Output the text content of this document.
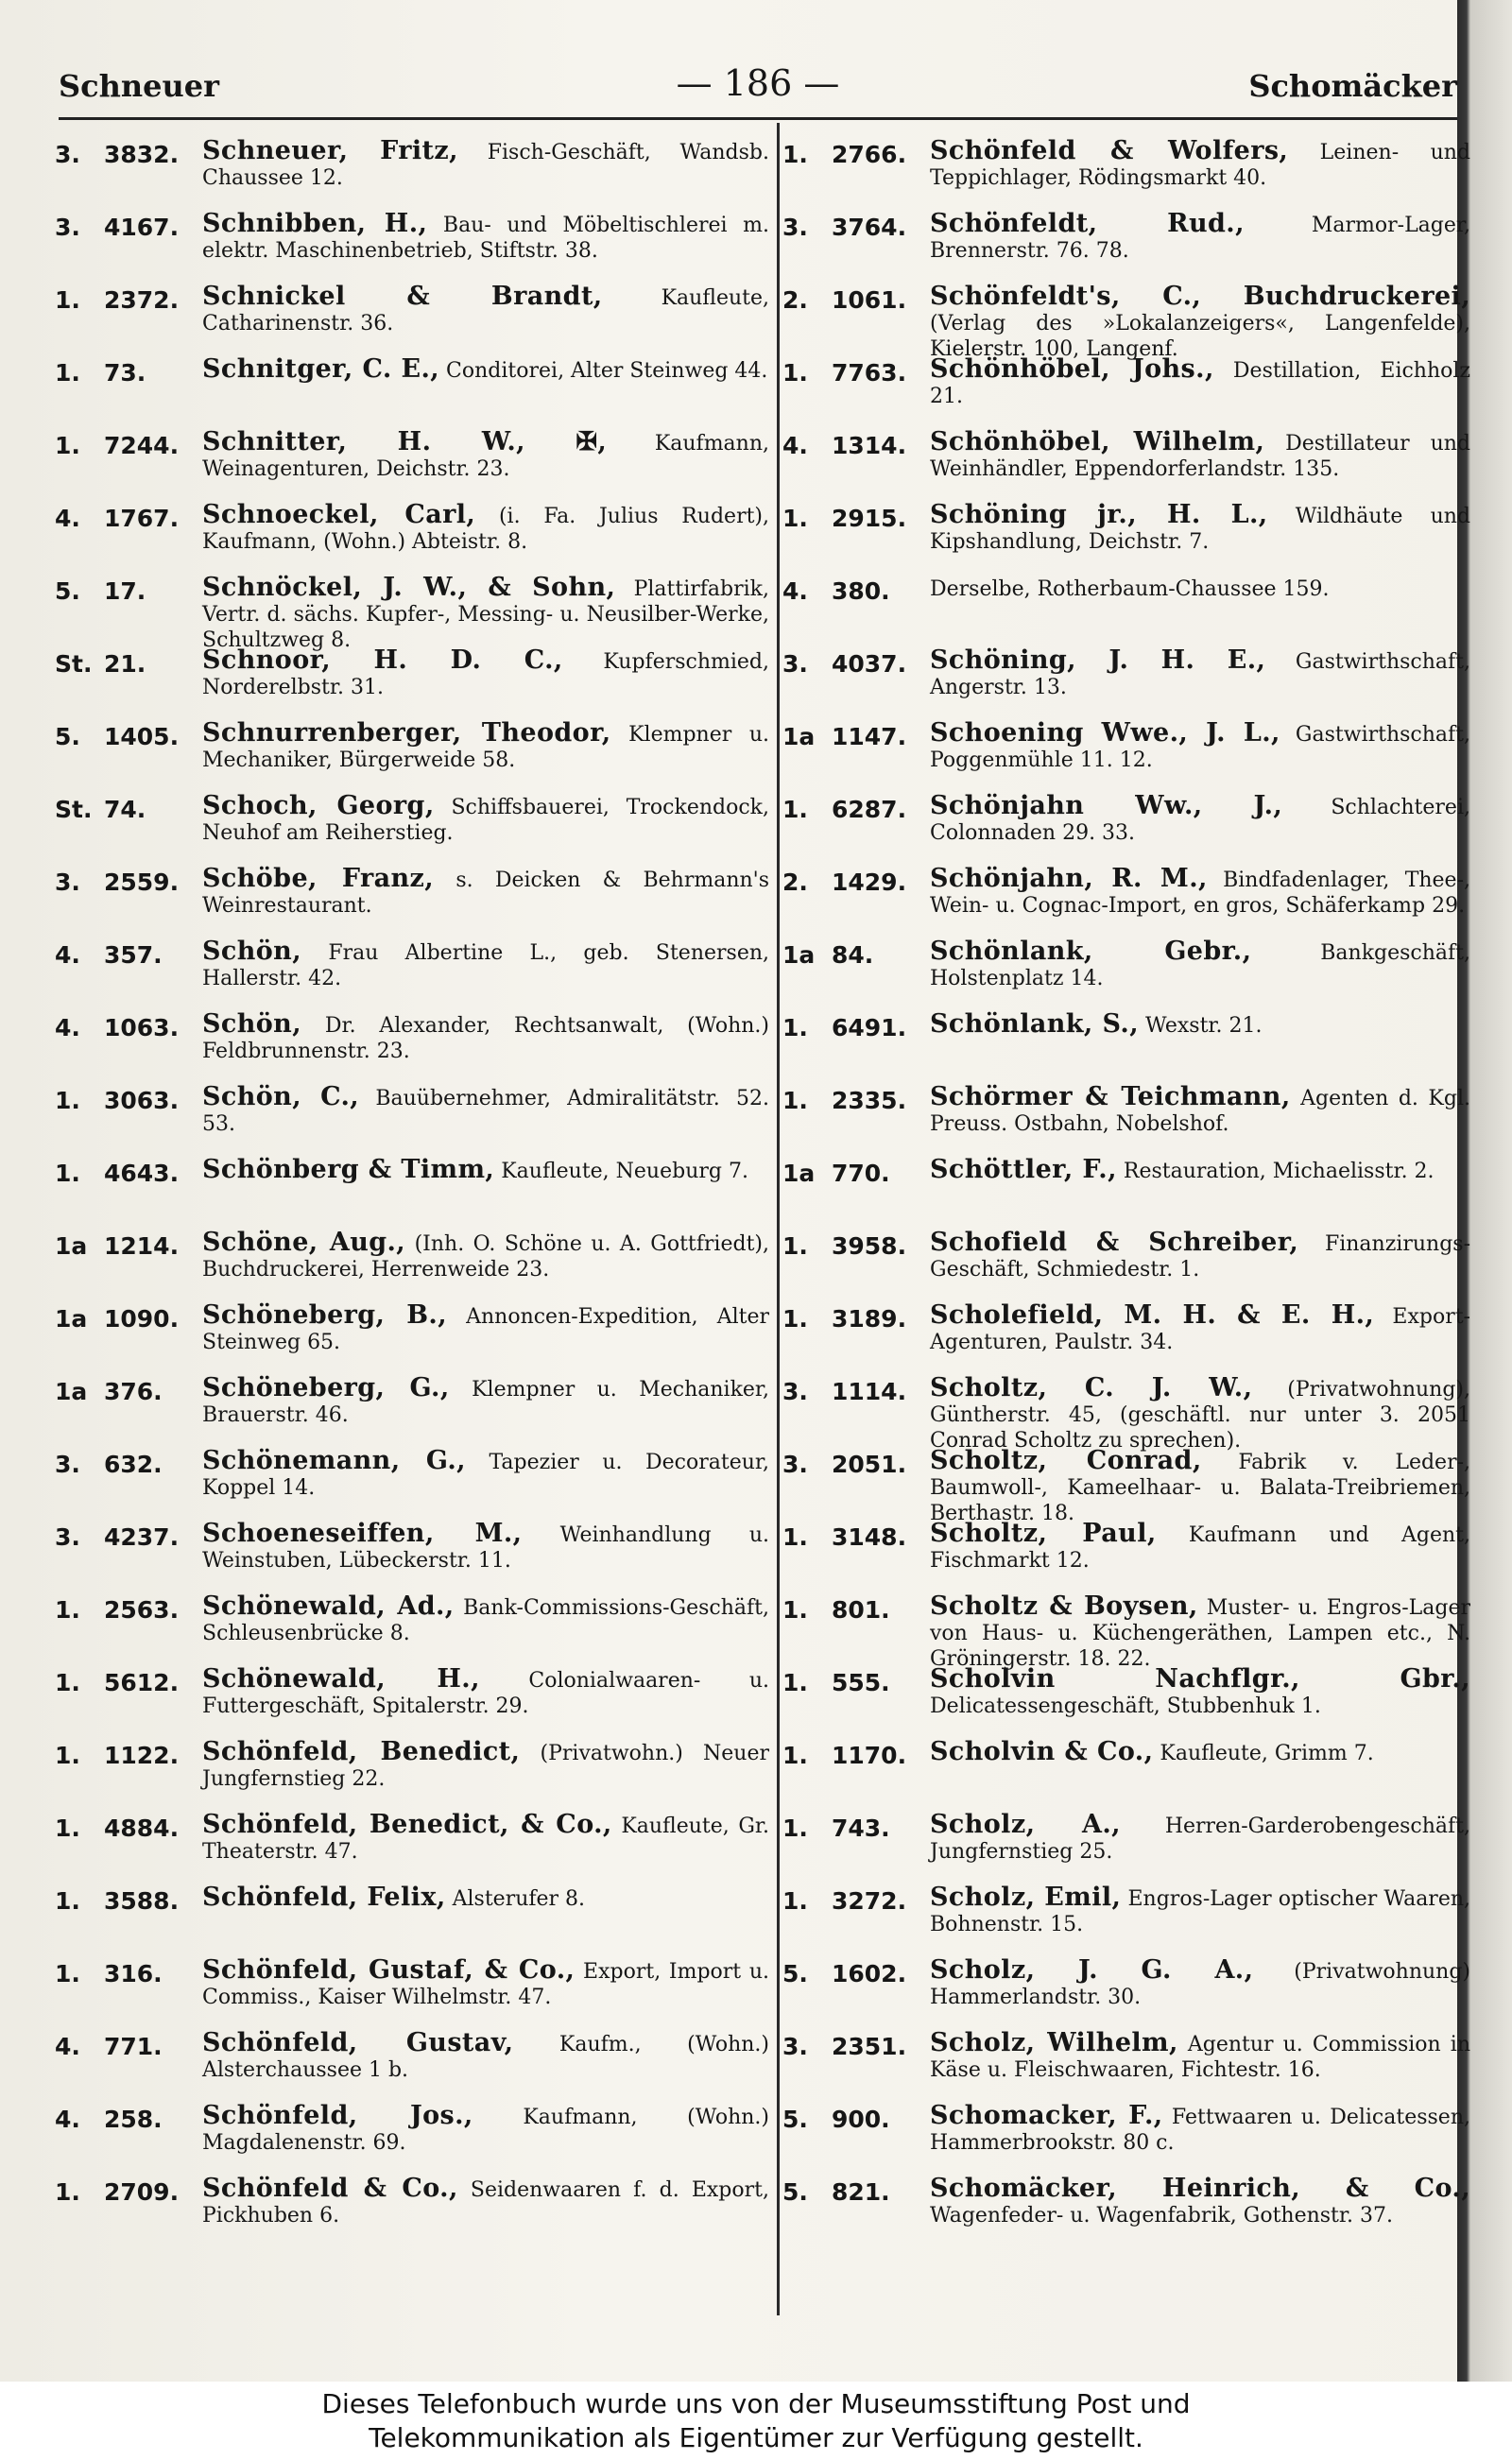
Schneuer	— 186 —	Schomäcker
3. 3832. Schneuer, Fritz, Fisch-Geschäft, Wandsb. Chaussee 12.
3. 4167. Schnibben, H., Bau- und Möbeltischlerei m. elektr. Maschinenbetrieb, Stiftstr. 38.
1. 2372. Schnickel & Brandt,	Kaufleute, Catharinenstr. 36.
1. 73.	Schnitger, C. E., Conditorei, Alter Steinweg 44.
1. 7244. Schnitter, H. W., ✠, Kaufmann, Weinagenturen, Deichstr. 23.
4. 1767. Schnoeckel, Carl, (i. Fa. Julius Rudert), Kaufmann, (Wohn.) Abteistr. 8.
5. 17.	Schnöckel, J. W., & Sohn, Plattirfabrik, Vertr. d. sächs. Kupfer-, Messing- u. Neusilber-Werke, Schultzweg 8.
St. 21.	Schnoor, H. D. C., Kupferschmied, Norderelbstr. 31.
5. 1405. Schnurrenberger, Theodor, Klempner u. Mechaniker, Bürgerweide 58.
St. 74.	Schoch, Georg, Schiffsbauerei, Trockendock, Neuhof am Reiherstieg.
3. 2559. Schöbe, Franz, s. Deicken & Behrmann's Weinrestaurant.
4. 357.	Schön, Frau Albertine L., geb. Stenersen, Hallerstr. 42.
4. 1063. Schön, Dr. Alexander, Rechtsanwalt, (Wohn.) Feldbrunnenstr. 23.
1. 3063. Schön, C., Bauübernehmer, Admiralitätstr. 52. 53.
1. 4643. Schönberg & Timm, Kaufleute, Neueburg 7.
1a 1214. Schöne, Aug., (Inh. O. Schöne u. A. Gottfriedt), Buchdruckerei, Herrenweide 23.
1a 1090. Schöneberg, B., Annoncen-Expedition, Alter Steinweg 65.
1a 376.	Schöneberg, G., Klempner u. Mechaniker, Brauerstr. 46.
3. 632.	Schönemann, G., Tapezier u. Decorateur, Koppel 14.
3. 4237. Schoeneseiffen, M., Weinhandlung u. Weinstuben, Lübeckerstr. 11.
1. 2563. Schönewald, Ad., Bank-Commissions-Geschäft, Schleusenbrücke 8.
1. 5612. Schönewald, H., Colonialwaaren- u. Futtergeschäft, Spitalerstr. 29.
1. 1122. Schönfeld, Benedict, (Privatwohn.) Neuer Jungfernstieg 22.
1. 4884. Schönfeld, Benedict, & Co., Kaufleute, Gr. Theaterstr. 47.
1. 3588. Schönfeld, Felix, Alsterufer 8.
1. 316.	Schönfeld, Gustaf, & Co., Export, Import u. Commiss., Kaiser Wilhelmstr. 47.
4. 771.	Schönfeld, Gustav, Kaufm., (Wohn.) Alsterchaussee 1 b.
4. 258.	Schönfeld, Jos., Kaufmann, (Wohn.) Magdalenenstr. 69.
1. 2709. Schönfeld & Co., Seidenwaaren f. d. Export, Pickhuben 6.
1. 2766. Schönfeld & Wolfers, Leinen- und Teppichlager, Rödingsmarkt 40.
3. 3764. Schönfeldt, Rud.,	Marmor-Lager, Brennerstr. 76. 78.
2. 1061. Schönfeldt's, C., Buchdruckerei, (Verlag des »Lokalanzeigers«, Langenfelde), Kielerstr. 100, Langenf.
1. 7763. Schönhöbel, Johs., Destillation, Eichholz 21.
4. 1314. Schönhöbel, Wilhelm, Destillateur und Weinhändler, Eppendorferlandstr. 135.
1. 2915. Schöning jr., H. L., Wildhäute und Kipshandlung, Deichstr. 7.
4. 380.	Derselbe, Rotherbaum-Chaussee 159.
3. 4037. Schöning, J. H. E., Gastwirthschaft, Angerstr. 13.
1a 1147. Schoening Wwe., J. L., Gastwirthschaft, Poggenmühle 11. 12.
1. 6287. Schönjahn Ww., J., Schlachterei, Colonnaden 29. 33.
2. 1429. Schönjahn, R. M., Bindfadenlager, Thee-, Wein- u. Cognac-Import, en gros, Schäferkamp 29.
1a 84.	Schönlank, Gebr.,	Bankgeschäft, Holstenplatz 14.
1. 6491. Schönlank, S., Wexstr. 21.
1. 2335. Schörmer & Teichmann, Agenten d. Kgl. Preuss. Ostbahn, Nobelshof.
1a 770.	Schöttler, F., Restauration, Michaelisstr. 2.
1. 3958. Schofield & Schreiber, Finanzirungs-Geschäft, Schmiedestr. 1.
1. 3189. Scholefield, M. H. & E. H., Export-Agenturen, Paulstr. 34.
3. 1114. Scholtz, C. J. W., (Privatwohnung), Güntherstr. 45, (geschäftl. nur unter 3. 2051 Conrad Scholtz zu sprechen).
3. 2051. Scholtz, Conrad, Fabrik v. Leder-, Baumwoll-, Kameelhaar- u. Balata-Treibriemen, Berthastr. 18.
1. 3148. Scholtz, Paul, Kaufmann und Agent, Fischmarkt 12.
1. 801.	Scholtz & Boysen, Muster- u. Engros-Lager von Haus- u. Küchengeräthen, Lampen etc., N. Gröningerstr. 18. 22.
1. 555.	Scholvin Nachflgr., Gbr., Delicatessengeschäft, Stubbenhuk 1.
1. 1170. Scholvin & Co., Kaufleute, Grimm 7.
1. 743.	Scholz, A., Herren-Garderobengeschäft, Jungfernstieg 25.
1. 3272. Scholz, Emil, Engros-Lager optischer Waaren, Bohnenstr. 15.
5. 1602. Scholz, J. G. A., (Privatwohnung) Hammerlandstr. 30.
3. 2351. Scholz, Wilhelm, Agentur u. Commission in Käse u. Fleischwaaren, Fichtestr. 16.
5. 900.	Schomacker, F., Fettwaaren u. Delicatessen, Hammerbrookstr. 80 c.
5. 821.	Schomäcker, Heinrich, & Co., Wagenfeder- u. Wagenfabrik, Gothenstr. 37.
Dieses Telefonbuch wurde uns von der Museumsstiftung Post und
Telekommunikation als Eigentümer zur Verfügung gestellt.
